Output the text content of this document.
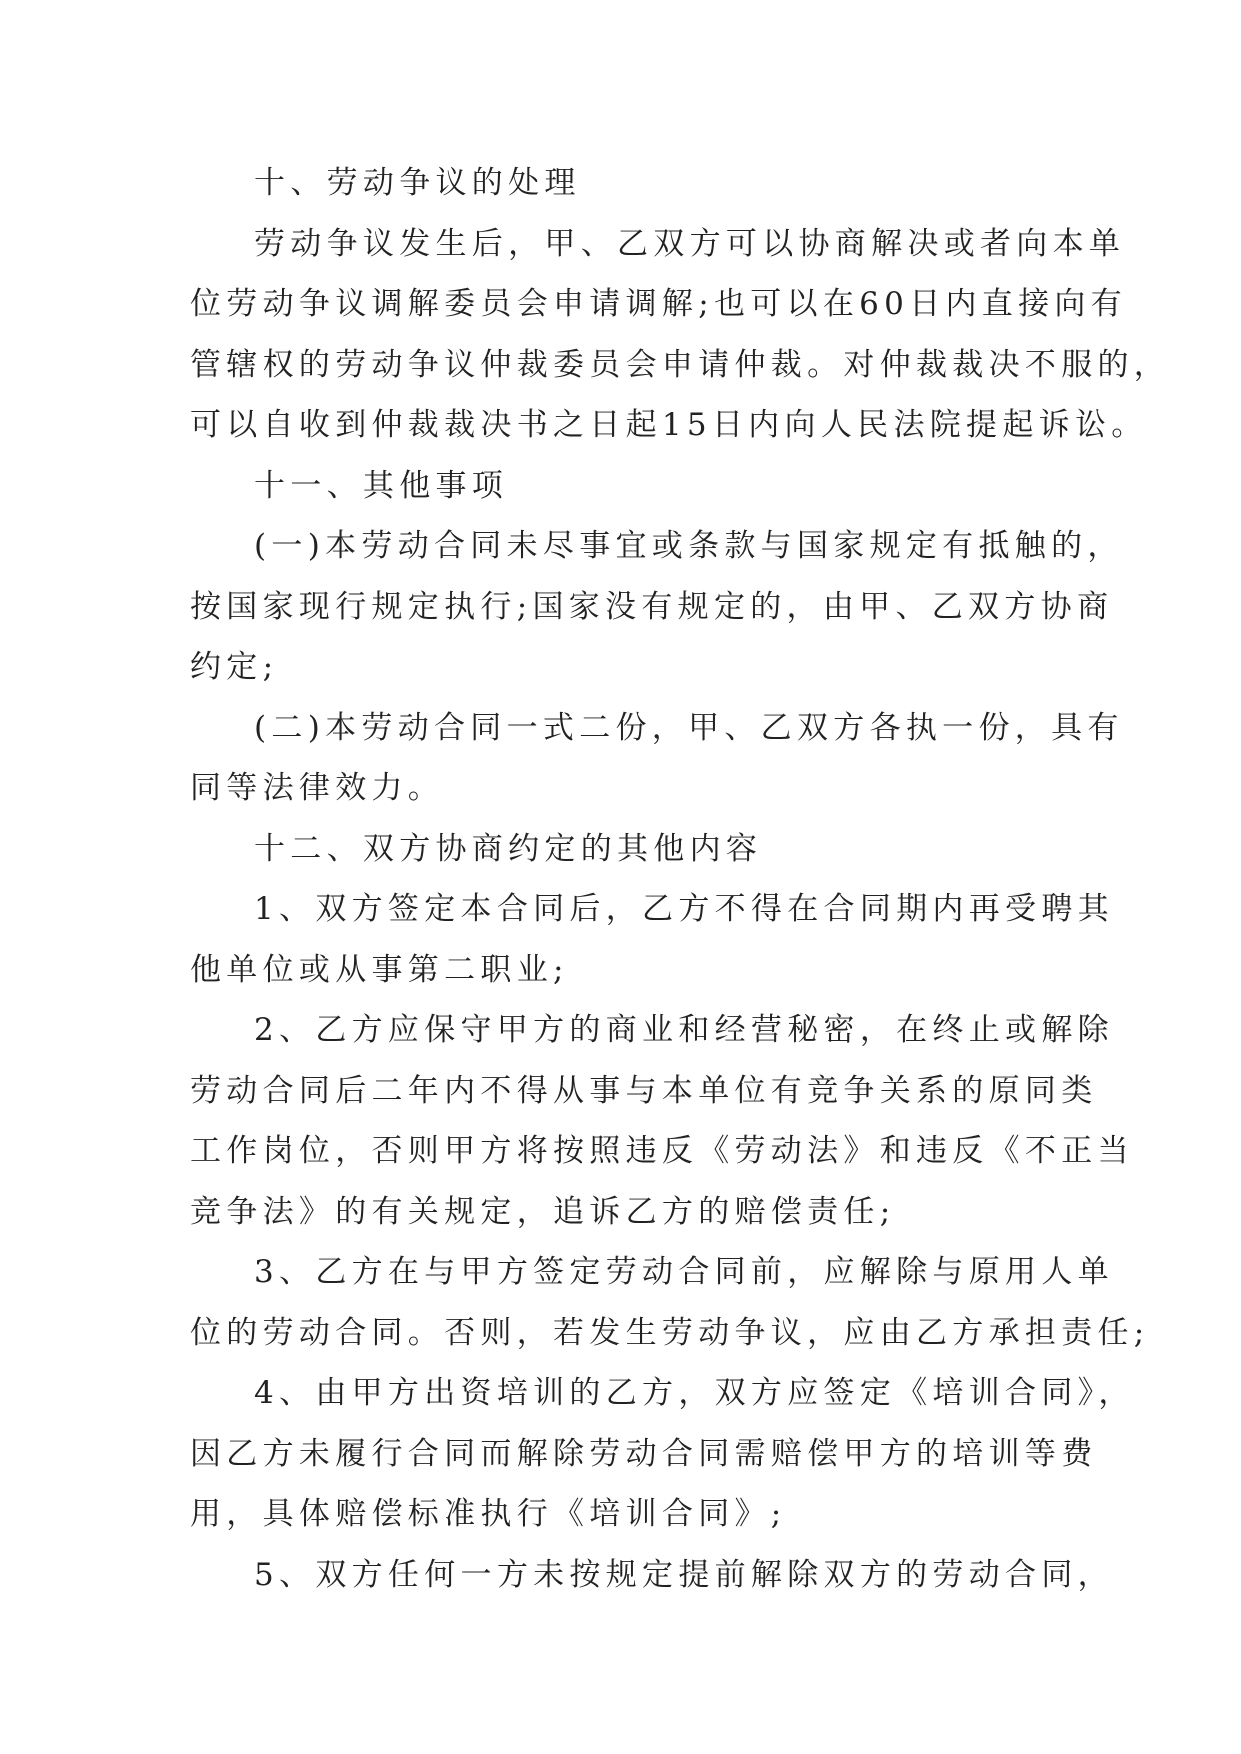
十、劳动争议的处理
劳动争议发生后，甲、乙双方可以协商解决或者向本单
位劳动争议调解委员会申请调解;也可以在60日内直接向有
管辖权的劳动争议仲裁委员会申请仲裁。对仲裁裁决不服的，
可以自收到仲裁裁决书之日起15日内向人民法院提起诉讼。
十一、其他事项
(一)本劳动合同未尽事宜或条款与国家规定有抵触的，
按国家现行规定执行;国家没有规定的，由甲、乙双方协商
约定;
(二)本劳动合同一式二份，甲、乙双方各执一份，具有
同等法律效力。
十二、双方协商约定的其他内容
1、双方签定本合同后，乙方不得在合同期内再受聘其
他单位或从事第二职业;
2、乙方应保守甲方的商业和经营秘密，在终止或解除
劳动合同后二年内不得从事与本单位有竞争关系的原同类
工作岗位，否则甲方将按照违反《劳动法》和违反《不正当
竞争法》的有关规定，追诉乙方的赔偿责任;
3、乙方在与甲方签定劳动合同前，应解除与原用人单
位的劳动合同。否则，若发生劳动争议，应由乙方承担责任;
4、由甲方出资培训的乙方，双方应签定《培训合同》，
因乙方未履行合同而解除劳动合同需赔偿甲方的培训等费
用，具体赔偿标准执行《培训合同》;
5、双方任何一方未按规定提前解除双方的劳动合同，
